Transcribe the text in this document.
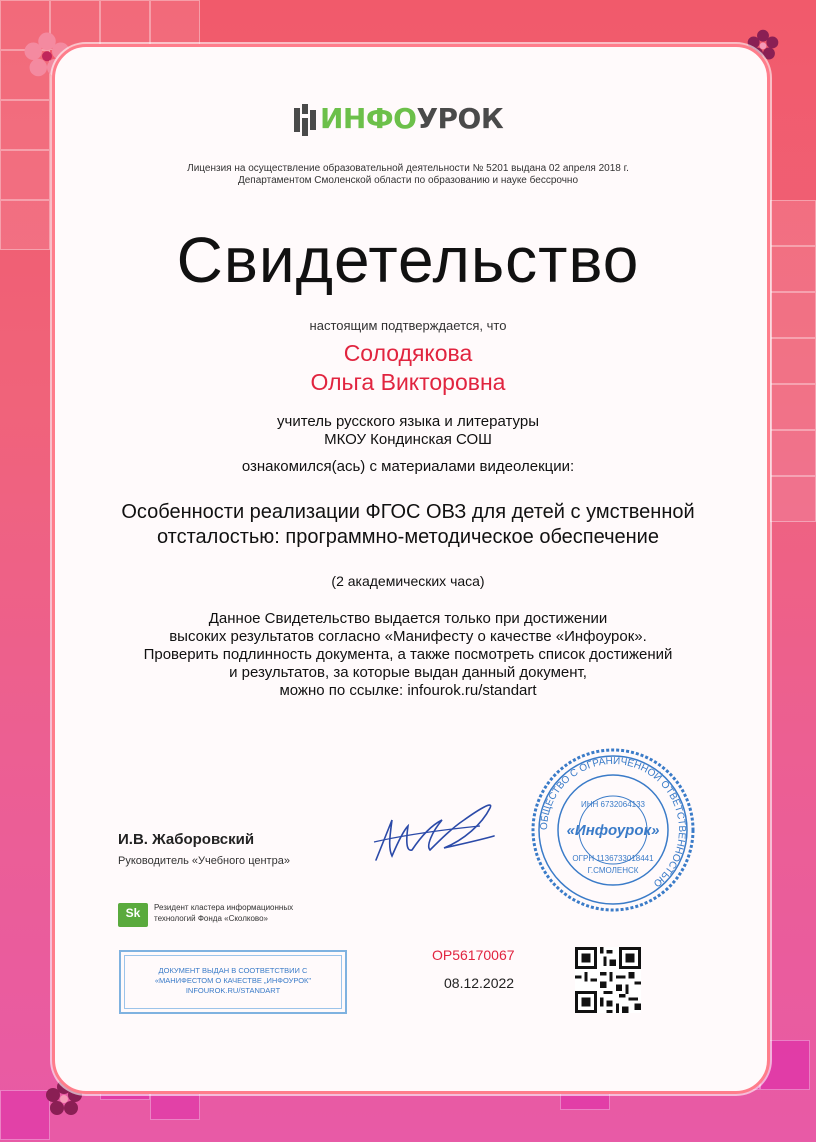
ИНФОУРОК
Лицензия на осуществление образовательной деятельности № 5201 выдана 02 апреля 2018 г.
Департаментом Смоленской области по образованию и науке бессрочно
Свидетельство
настоящим подтверждается, что
Солодякова
Ольга Викторовна
учитель русского языка и литературы
МКОУ Кондинская СОШ
ознакомился(ась) с материалами видеолекции:
Особенности реализации ФГОС ОВЗ для детей с умственной
отсталостью: программно-методическое обеспечение
(2 академических часа)
Данное Свидетельство выдается только при достижении
высоких результатов согласно «Манифесту о качестве «Инфоурок».
Проверить подлинность документа, а также посмотреть список достижений
и результатов, за которые выдан данный документ,
можно по ссылке: infourok.ru/standart
ОБЩЕСТВО С ОГРАНИЧЕННОЙ ОТВЕТСТВЕННОСТЬЮ
ИНН 6732064133
«Инфоурок»
ОГРН 1136733018441
Г.СМОЛЕНСК
И.В. Жаборовский
Руководитель «Учебного центра»
Sk	Резидент кластера информационных
технологий Фонда «Сколково»
ДОКУМЕНТ ВЫДАН В СООТВЕТСТВИИ С
«МАНИФЕСТОМ О КАЧЕСТВЕ „ИНФОУРОК"
INFOUROK.RU/STANDART
ОР56170067
08.12.2022
